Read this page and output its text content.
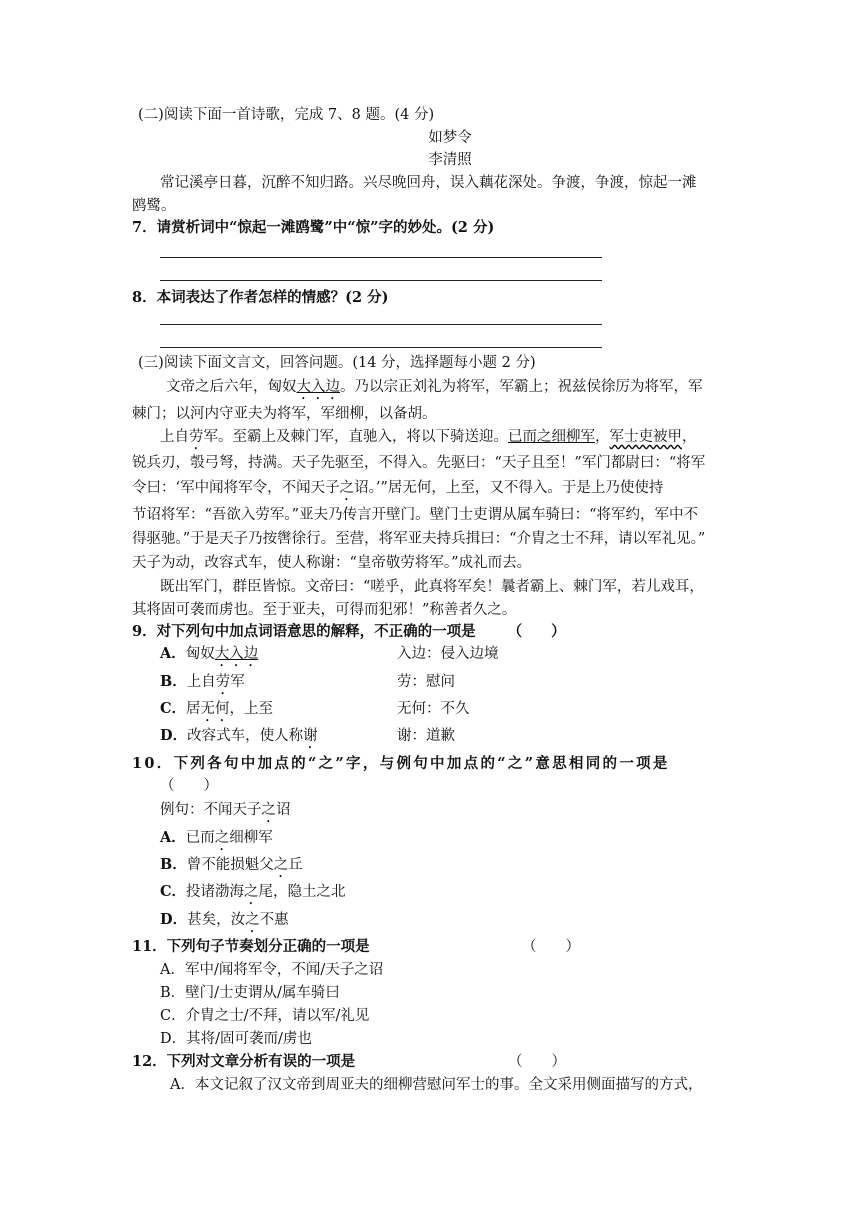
(二)阅读下面一首诗歌，完成 7、8 题。(4 分)
如梦令
李清照
常记溪亭日暮，沉醉不知归路。兴尽晚回舟，误入藕花深处。争渡，争渡，惊起一滩
鸥鹭。
7．请赏析词中“惊起一滩鸥鹭”中“惊”字的妙处。(2 分)
8．本词表达了作者怎样的情感？(2 分)
(三)阅读下面文言文，回答问题。(14 分，选择题每小题 2 分)
文帝之后六年，匈奴大入边。乃以宗正刘礼为将军，军霸上；祝兹侯徐厉为将军，军
棘门；以河内守亚夫为将军，军细柳，以备胡。
上自劳军。至霸上及棘门军，直驰入，将以下骑送迎。已而之细柳军，军士吏被甲，
锐兵刃，彀弓弩，持满。天子先驱至，不得入。先驱曰：“天子且至！”军门都尉曰：“将军
令曰：‘军中闻将军令，不闻天子之诏。’”居无何，上至，又不得入。于是上乃使使持
节诏将军：“吾欲入劳军。”亚夫乃传言开壁门。壁门士吏谓从属车骑曰：“将军约，军中不
得驱驰。”于是天子乃按辔徐行。至营，将军亚夫持兵揖曰：“介胄之士不拜，请以军礼见。”
天子为动，改容式车，使人称谢：“皇帝敬劳将军。”成礼而去。
既出军门，群臣皆惊。文帝曰：“嗟乎，此真将军矣！曩者霸上、棘门军，若儿戏耳，
其将固可袭而虏也。至于亚夫，可得而犯邪！”称善者久之。
9．对下列句中加点词语意思的解释，不正确的一项是 （　　）
A．匈奴大入边	入边：侵入边境
B．上自劳军	劳：慰问
C．居无何，上至	无何：不久
D．改容式车，使人称谢	谢：道歉
10．下列各句中加点的“之”字，与例句中加点的“之”意思相同的一项是
（　　）
例句：不闻天子之诏
A．已而之细柳军
B．曾不能损魁父之丘
C．投诸渤海之尾，隐土之北
D．甚矣，汝之不惠
11．下列句子节奏划分正确的一项是	（　　）
A．军中/闻将军令，不闻/天子之诏
B．壁门/士吏谓从/属车骑曰
C．介胄之士/不拜，请以军/礼见
D．其将/固可袭而/虏也
12．下列对文章分析有误的一项是	（　　）
A．本文记叙了汉文帝到周亚夫的细柳营慰问军士的事。全文采用侧面描写的方式，
